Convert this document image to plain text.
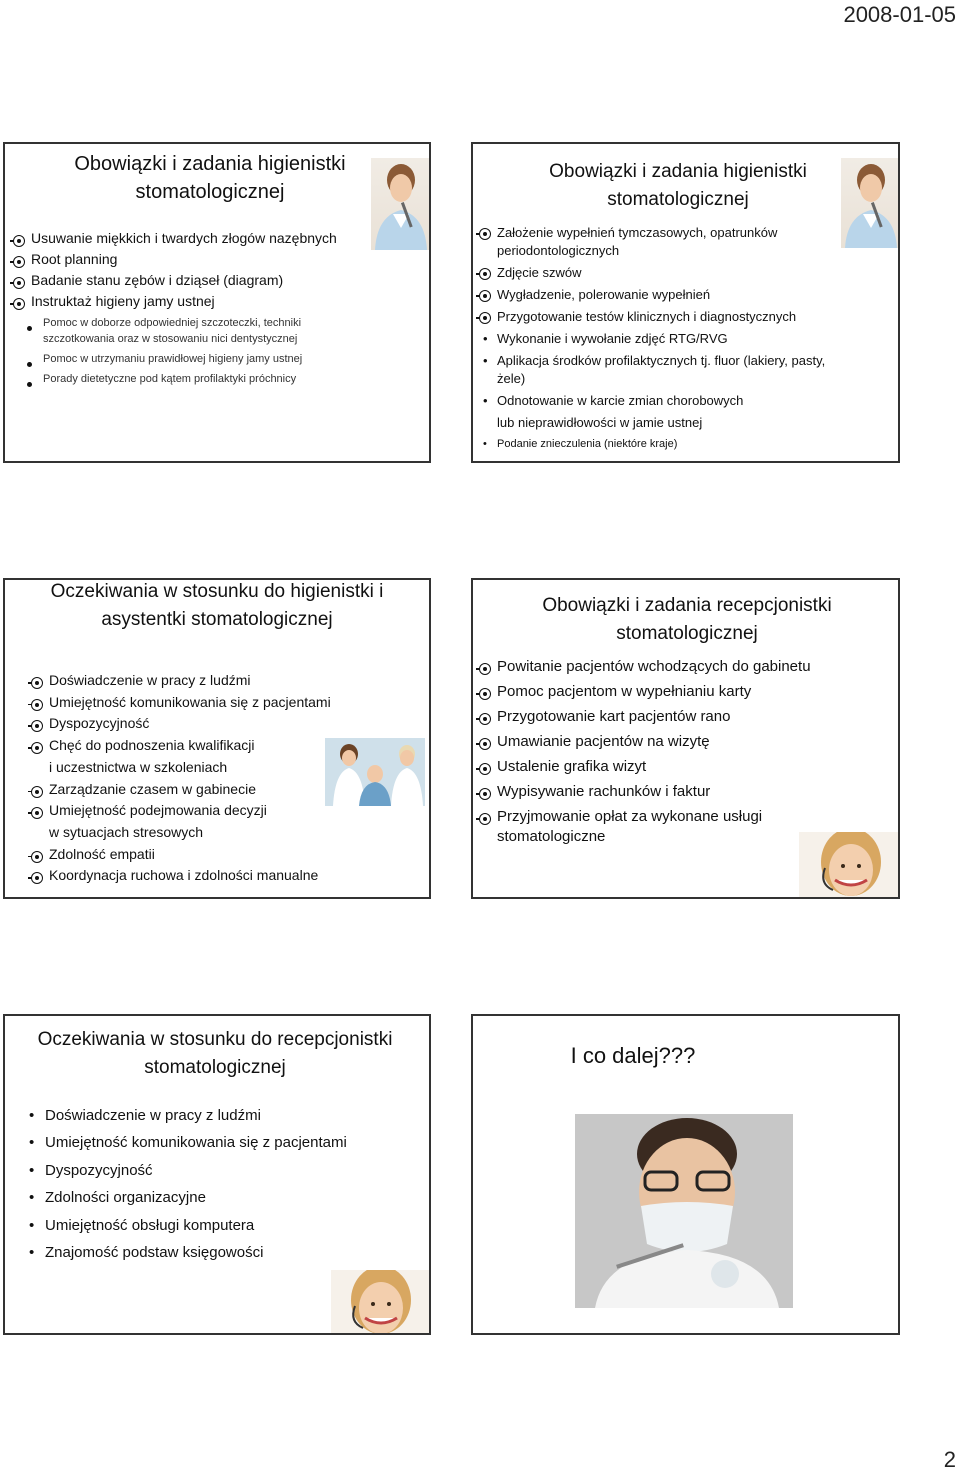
2008-01-05
Obowiązki i zadania higienistki stomatologicznej
Usuwanie miękkich i twardych złogów nazębnych
Root planning
Badanie stanu zębów i dziąseł (diagram)
Instruktaż higieny jamy ustnej
Pomoc w doborze odpowiedniej szczoteczki, techniki szczotkowania oraz w stosowaniu nici dentystycznej
Pomoc w utrzymaniu prawidłowej higieny jamy ustnej
Porady dietetyczne pod kątem profilaktyki próchnicy
Obowiązki i zadania higienistki stomatologicznej
Założenie wypełnień tymczasowych, opatrunków periodontologicznych
Zdjęcie szwów
Wygładzenie, polerowanie wypełnień
Przygotowanie testów klinicznych i diagnostycznych
• Wykonanie i wywołanie zdjęć RTG/RVG
• Aplikacja środków profilaktycznych tj. fluor (lakiery, pasty, żele)
• Odnotowanie w karcie zmian chorobowych
lub nieprawidłowości w jamie ustnej
• Podanie znieczulenia (niektóre kraje)
Oczekiwania w stosunku do higienistki i asystentki stomatologicznej
Doświadczenie w pracy z ludźmi
Umiejętność komunikowania się z pacjentami
Dyspozycyjność
Chęć do podnoszenia kwalifikacji
i uczestnictwa w szkoleniach
Zarządzanie czasem w gabinecie
Umiejętność podejmowania decyzji
w sytuacjach stresowych
Zdolność empatii
Koordynacja ruchowa i zdolności manualne
Obowiązki i zadania recepcjonistki stomatologicznej
Powitanie pacjentów wchodzących do gabinetu
Pomoc pacjentom w wypełnianiu karty
Przygotowanie kart pacjentów rano
Umawianie pacjentów na wizytę
Ustalenie grafika wizyt
Wypisywanie rachunków i faktur
Przyjmowanie opłat za wykonane usługi stomatologiczne
Oczekiwania w stosunku do recepcjonistki stomatologicznej
• Doświadczenie w pracy z ludźmi
• Umiejętność komunikowania się z pacjentami
• Dyspozycyjność
• Zdolności organizacyjne
• Umiejętność obsługi komputera
• Znajomość podstaw księgowości
I co dalej???
2
